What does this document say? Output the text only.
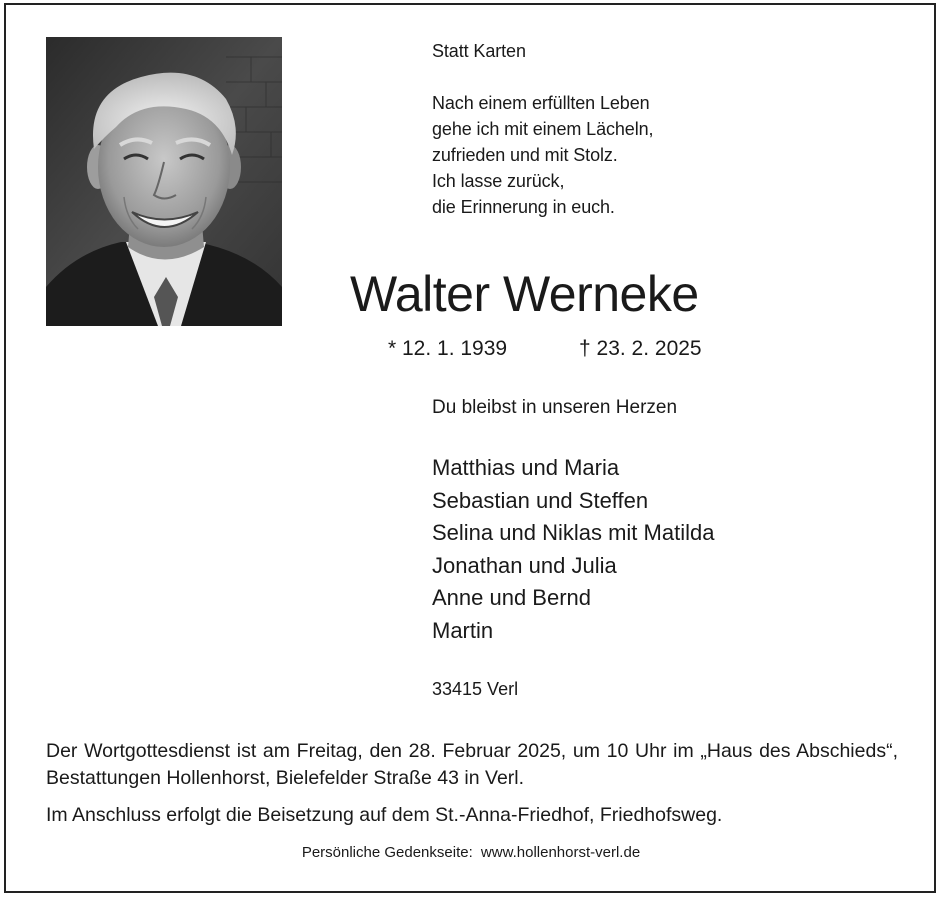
Statt Karten
Nach einem erfüllten Leben
gehe ich mit einem Lächeln,
zufrieden und mit Stolz.
Ich lasse zurück,
die Erinnerung in euch.
Walter Werneke
* 12. 1. 1939	† 23. 2. 2025
Du bleibst in unseren Herzen
Matthias und Maria
Sebastian und Steffen
Selina und Niklas mit Matilda
Jonathan und Julia
Anne und Bernd
Martin
33415 Verl
Der Wortgottesdienst ist am Freitag, den 28. Februar 2025, um 10 Uhr im „Haus des Abschieds“, Bestattungen Hollenhorst, Bielefelder Straße 43 in Verl.
Im Anschluss erfolgt die Beisetzung auf dem St.-Anna-Friedhof, Friedhofsweg.
Persönliche Gedenkseite: www.hollenhorst-verl.de
